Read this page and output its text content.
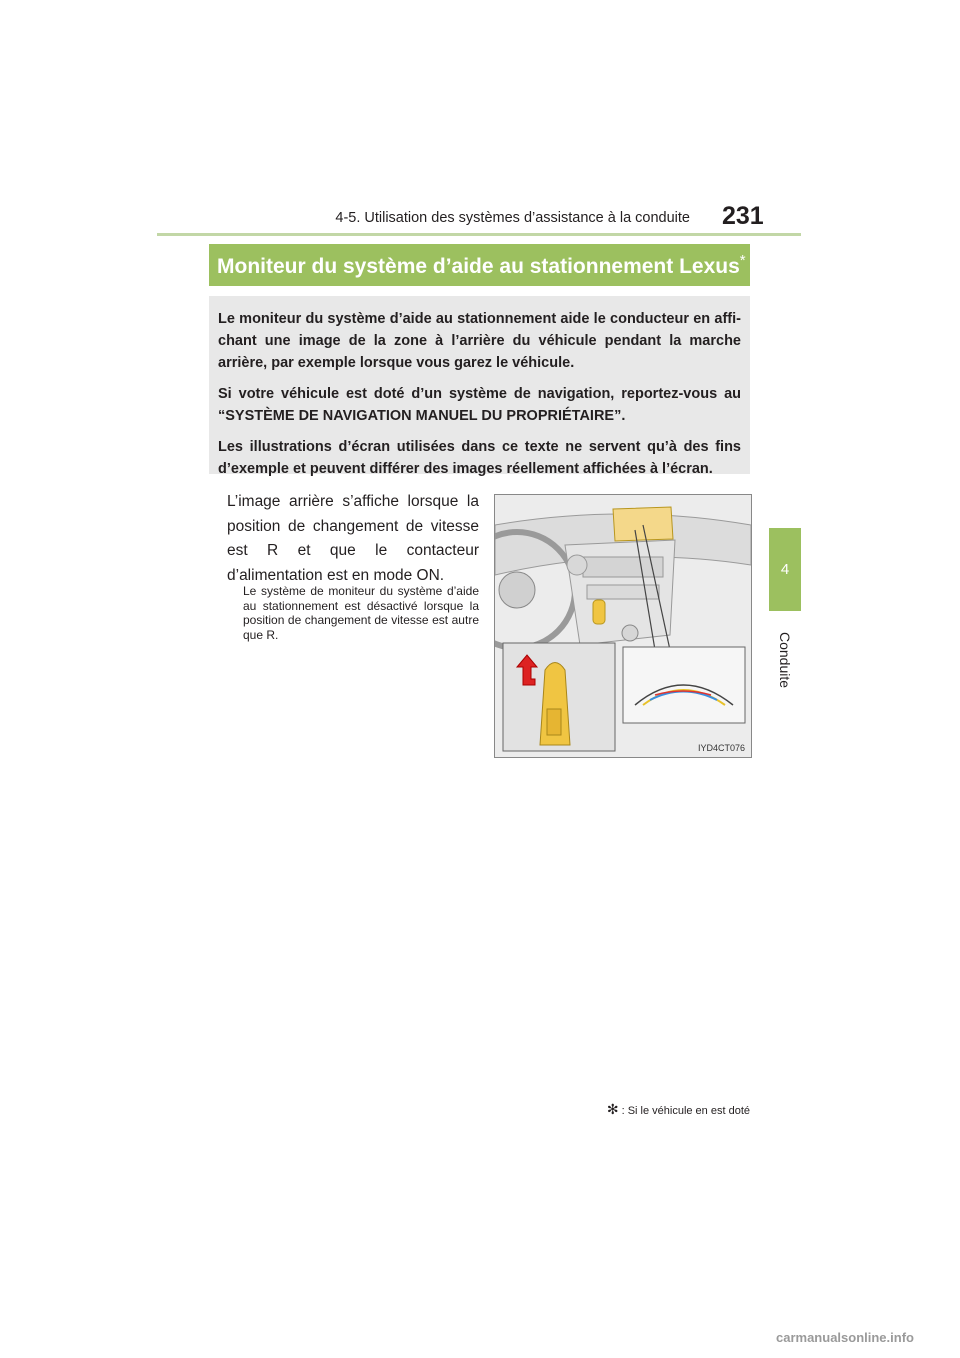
4-5. Utilisation des systèmes d’assistance à la conduite 231
4
Conduite
Moniteur du système d’aide au stationnement Lexus*

Le moniteur du système d’aide au stationnement aide le conducteur en affi-chant une image de la zone à l’arrière du véhicule pendant la marche arrière, par exemple lorsque vous garez le véhicule.

Si votre véhicule est doté d’un système de navigation, reportez-vous au “SYSTÈME DE NAVIGATION MANUEL DU PROPRIÉTAIRE”.

Les illustrations d’écran utilisées dans ce texte ne servent qu’à des fins d’exemple et peuvent différer des images réellement affichées à l’écran.

L’image arrière s’affiche lorsque la position de changement de vitesse est R et que le contacteur d’alimentation est en mode ON.
Le système de moniteur du système d’aide au stationnement est désactivé lorsque la position de changement de vitesse est autre que R.
IYD4CT076
✻ : Si le véhicule en est doté
carmanualsonline.info
